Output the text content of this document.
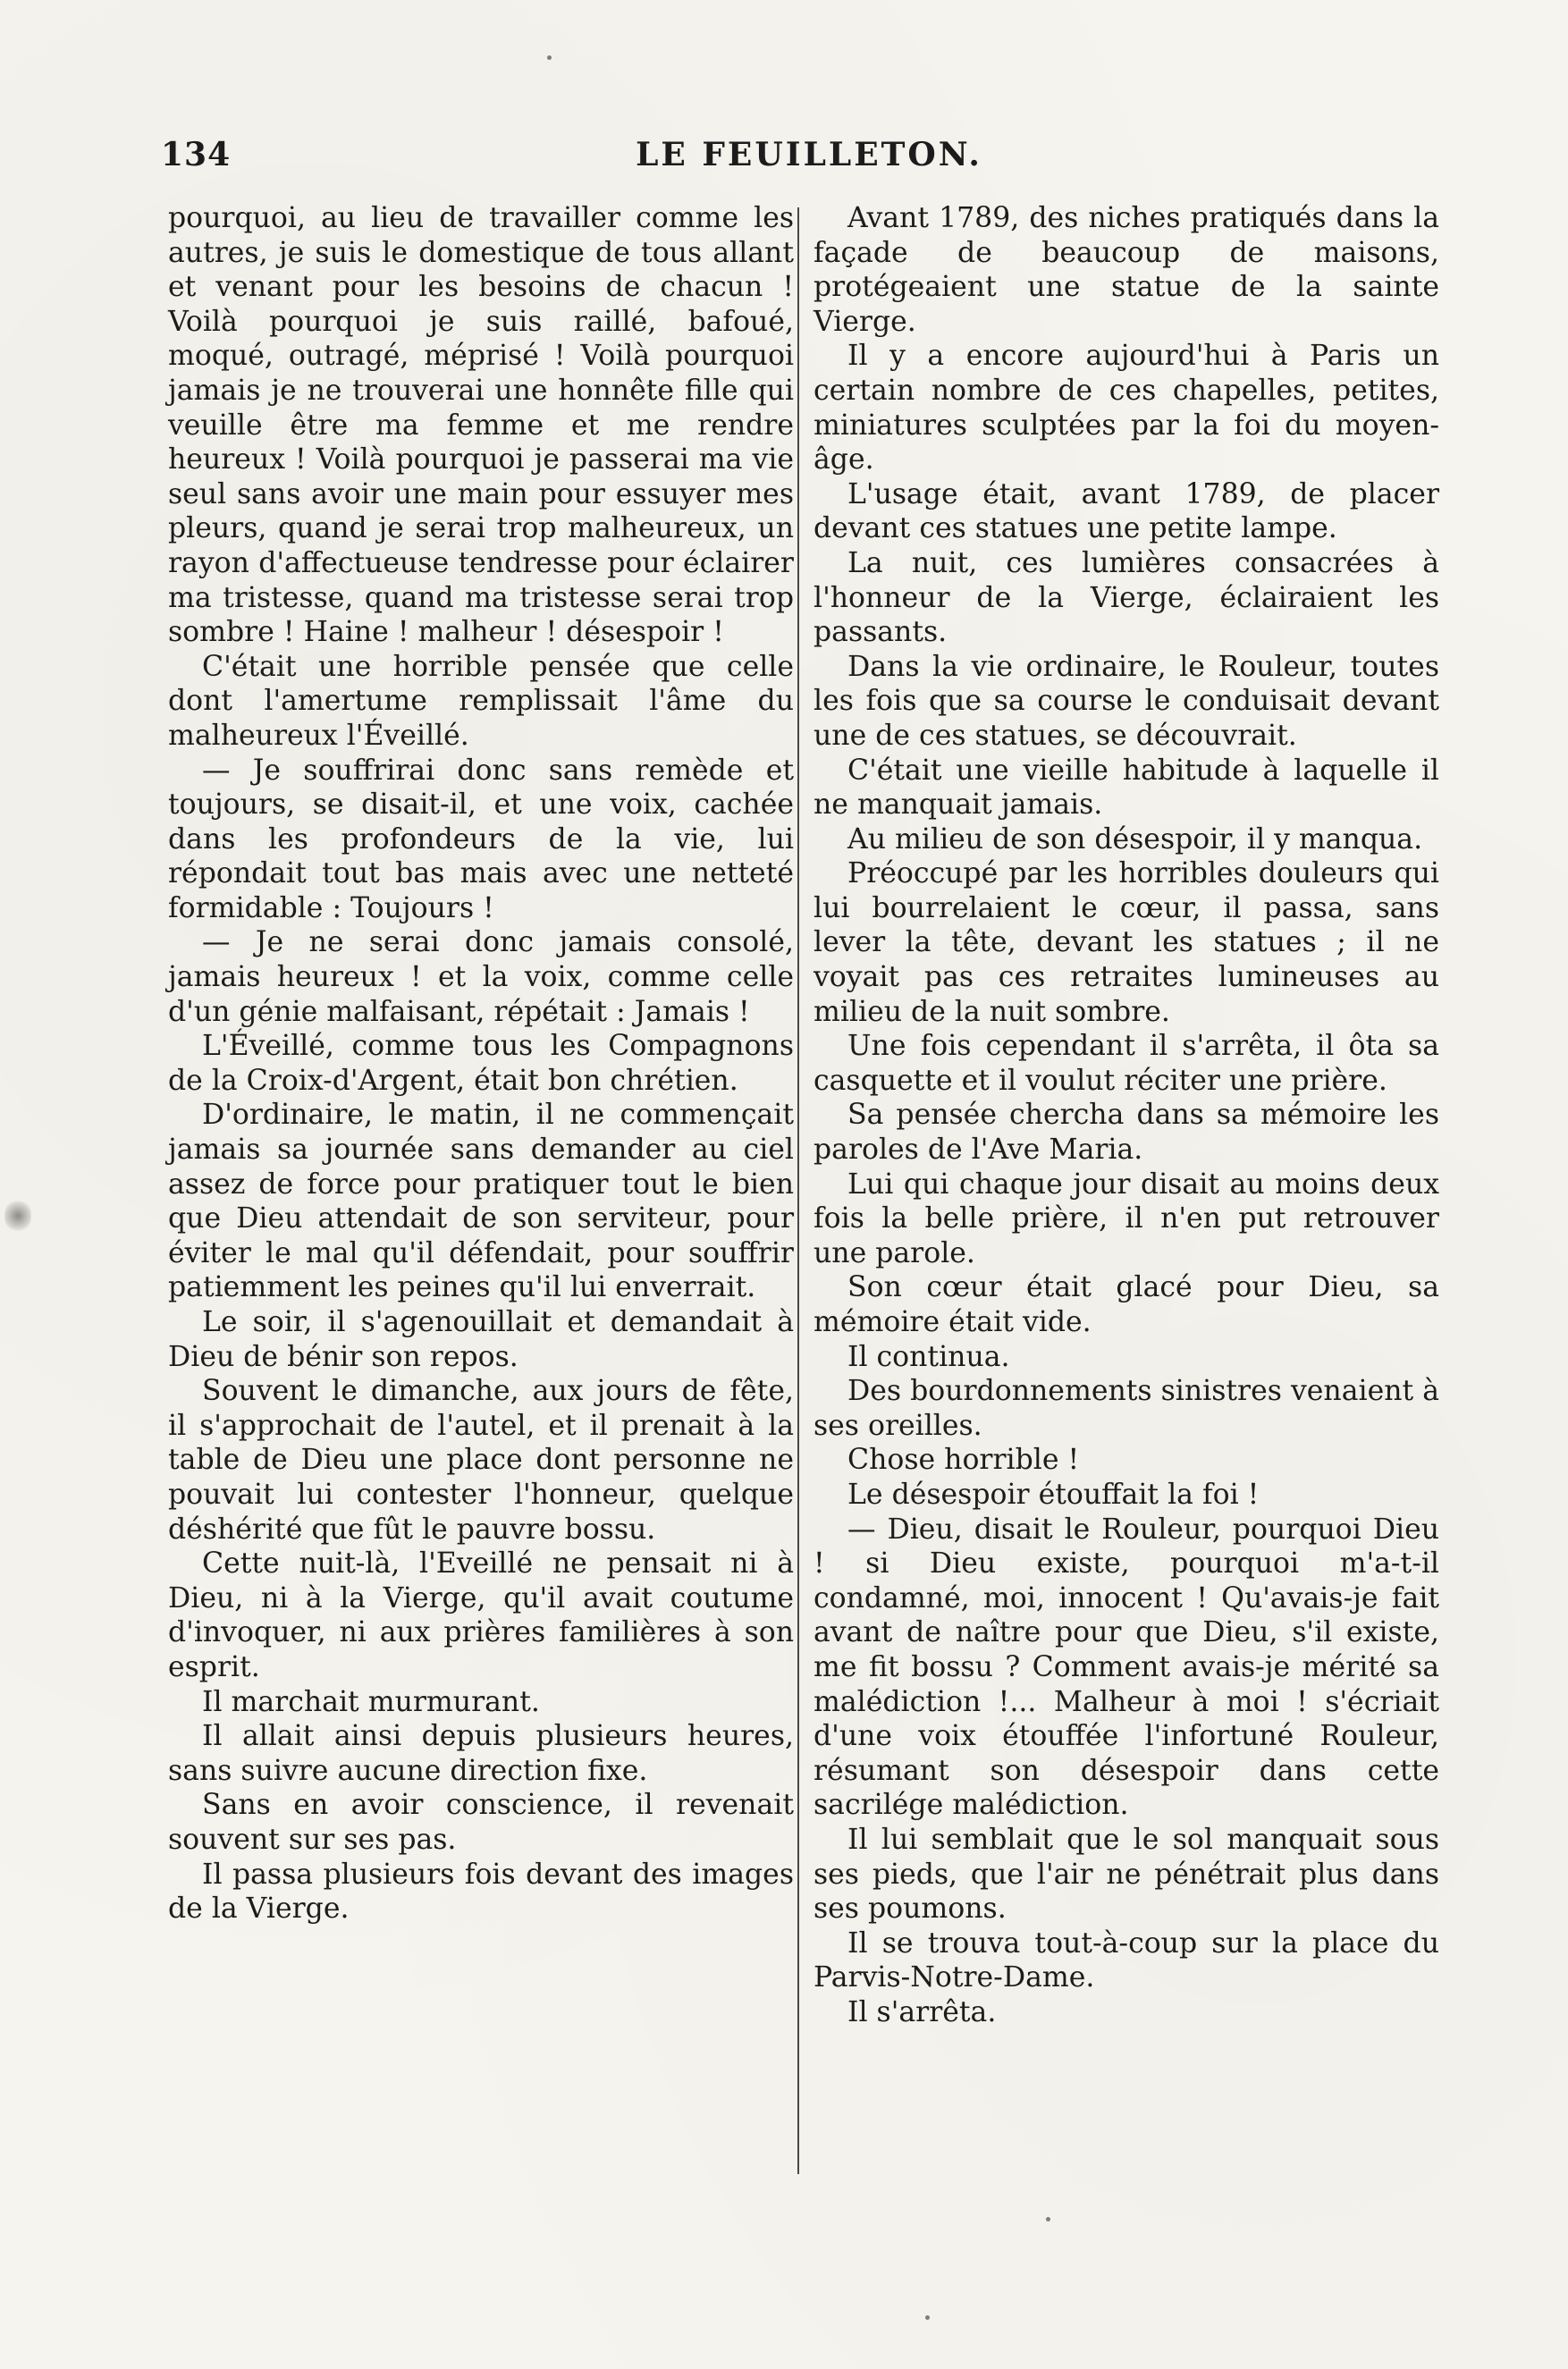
134	LE FEUILLETON.

pourquoi, au lieu de travailler comme les autres, je suis le domestique de tous allant et venant pour les besoins de chacun ! Voilà pourquoi je suis raillé, bafoué, moqué, outragé, méprisé ! Voilà pourquoi jamais je ne trouverai une honnête fille qui veuille être ma femme et me rendre heureux ! Voilà pourquoi je passerai ma vie seul sans avoir une main pour essuyer mes pleurs, quand je serai trop malheureux, un rayon d'affectueuse tendresse pour éclairer ma tristesse, quand ma tristesse serai trop sombre ! Haine ! malheur ! désespoir !

C'était une horrible pensée que celle dont l'amertume remplissait l'âme du malheureux l'Éveillé.

— Je souffrirai donc sans remède et toujours, se disait-il, et une voix, cachée dans les profondeurs de la vie, lui répondait tout bas mais avec une netteté formidable : Toujours !

— Je ne serai donc jamais consolé, jamais heureux ! et la voix, comme celle d'un génie malfaisant, répétait : Jamais !

L'Éveillé, comme tous les Compagnons de la Croix-d'Argent, était bon chrétien.

D'ordinaire, le matin, il ne commençait jamais sa journée sans demander au ciel assez de force pour pratiquer tout le bien que Dieu attendait de son serviteur, pour éviter le mal qu'il défendait, pour souffrir patiemment les peines qu'il lui enverrait.

Le soir, il s'agenouillait et demandait à Dieu de bénir son repos.

Souvent le dimanche, aux jours de fête, il s'approchait de l'autel, et il prenait à la table de Dieu une place dont personne ne pouvait lui contester l'honneur, quelque déshérité que fût le pauvre bossu.

Cette nuit-là, l'Eveillé ne pensait ni à Dieu, ni à la Vierge, qu'il avait coutume d'invoquer, ni aux prières familières à son esprit.

Il marchait murmurant.

Il allait ainsi depuis plusieurs heures, sans suivre aucune direction fixe.

Sans en avoir conscience, il revenait souvent sur ses pas.

Il passa plusieurs fois devant des images de la Vierge.

Avant 1789, des niches pratiqués dans la façade de beaucoup de maisons, protégeaient une statue de la sainte Vierge.

Il y a encore aujourd'hui à Paris un certain nombre de ces chapelles, petites, miniatures sculptées par la foi du moyen-âge.

L'usage était, avant 1789, de placer devant ces statues une petite lampe.

La nuit, ces lumières consacrées à l'honneur de la Vierge, éclairaient les passants.

Dans la vie ordinaire, le Rouleur, toutes les fois que sa course le conduisait devant une de ces statues, se découvrait.

C'était une vieille habitude à laquelle il ne manquait jamais.

Au milieu de son désespoir, il y manqua.

Préoccupé par les horribles douleurs qui lui bourrelaient le cœur, il passa, sans lever la tête, devant les statues ; il ne voyait pas ces retraites lumineuses au milieu de la nuit sombre.

Une fois cependant il s'arrêta, il ôta sa casquette et il voulut réciter une prière.

Sa pensée chercha dans sa mémoire les paroles de l'Ave Maria.

Lui qui chaque jour disait au moins deux fois la belle prière, il n'en put retrouver une parole.

Son cœur était glacé pour Dieu, sa mémoire était vide.

Il continua.

Des bourdonnements sinistres venaient à ses oreilles.

Chose horrible !

Le désespoir étouffait la foi !

— Dieu, disait le Rouleur, pourquoi Dieu ! si Dieu existe, pourquoi m'a-t-il condamné, moi, innocent ! Qu'avais-je fait avant de naître pour que Dieu, s'il existe, me fit bossu ? Comment avais-je mérité sa malédiction !... Malheur à moi ! s'écriait d'une voix étouffée l'infortuné Rouleur, résumant son désespoir dans cette sacrilége malédiction.

Il lui semblait que le sol manquait sous ses pieds, que l'air ne pénétrait plus dans ses poumons.

Il se trouva tout-à-coup sur la place du Parvis-Notre-Dame.

Il s'arrêta.
